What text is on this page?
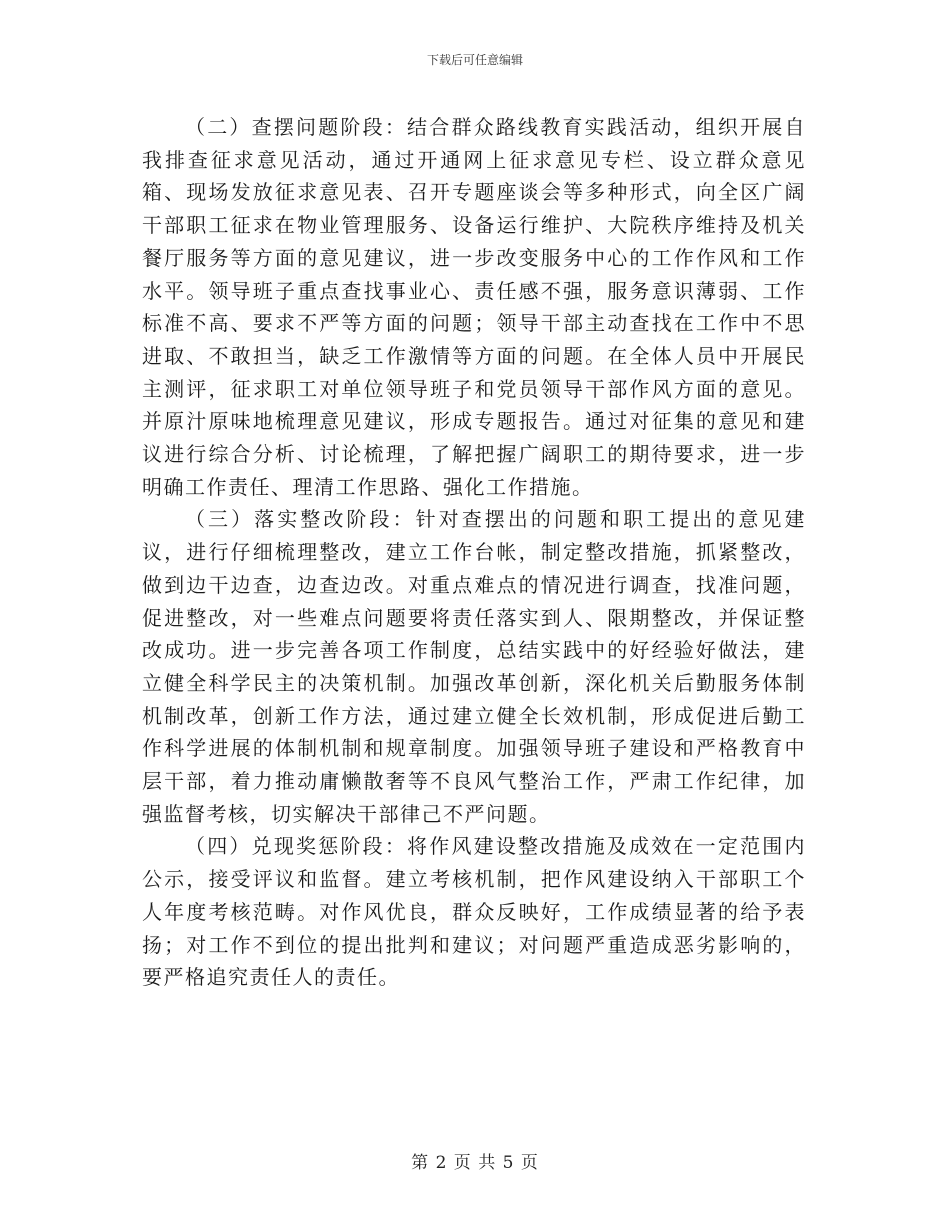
下载后可任意编辑

（二）查摆问题阶段：结合群众路线教育实践活动，组织开展自我排查征求意见活动，通过开通网上征求意见专栏、设立群众意见箱、现场发放征求意见表、召开专题座谈会等多种形式，向全区广阔干部职工征求在物业管理服务、设备运行维护、大院秩序维持及机关餐厅服务等方面的意见建议，进一步改变服务中心的工作作风和工作水平。领导班子重点查找事业心、责任感不强，服务意识薄弱、工作标准不高、要求不严等方面的问题；领导干部主动查找在工作中不思进取、不敢担当，缺乏工作激情等方面的问题。在全体人员中开展民主测评，征求职工对单位领导班子和党员领导干部作风方面的意见。并原汁原味地梳理意见建议，形成专题报告。通过对征集的意见和建议进行综合分析、讨论梳理，了解把握广阔职工的期待要求，进一步明确工作责任、理清工作思路、强化工作措施。

（三）落实整改阶段：针对查摆出的问题和职工提出的意见建议，进行仔细梳理整改，建立工作台帐，制定整改措施，抓紧整改，做到边干边查，边查边改。对重点难点的情况进行调查，找准问题，促进整改，对一些难点问题要将责任落实到人、限期整改，并保证整改成功。进一步完善各项工作制度，总结实践中的好经验好做法，建立健全科学民主的决策机制。加强改革创新，深化机关后勤服务体制机制改革，创新工作方法，通过建立健全长效机制，形成促进后勤工作科学进展的体制机制和规章制度。加强领导班子建设和严格教育中层干部，着力推动庸懒散奢等不良风气整治工作，严肃工作纪律，加强监督考核，切实解决干部律己不严问题。

（四）兑现奖惩阶段：将作风建设整改措施及成效在一定范围内公示，接受评议和监督。建立考核机制，把作风建设纳入干部职工个人年度考核范畴。对作风优良，群众反映好，工作成绩显著的给予表扬；对工作不到位的提出批判和建议；对问题严重造成恶劣影响的，要严格追究责任人的责任。

第 2 页 共 5 页
